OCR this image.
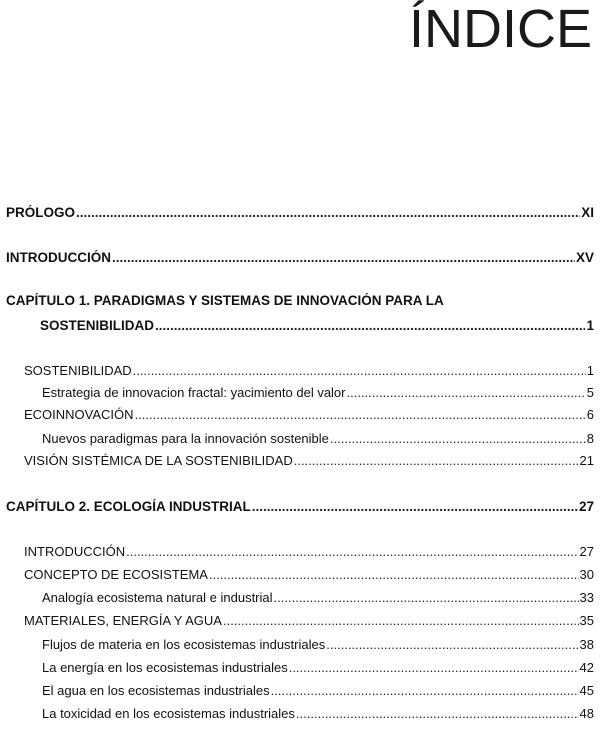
ÍNDICE
PRÓLOGO .....	XI
INTRODUCCIÓN .....	XV
CAPÍTULO 1. PARADIGMAS Y SISTEMAS DE INNOVACIÓN PARA LA
SOSTENIBILIDAD .....	1
SOSTENIBILIDAD .....	1
Estrategia de innovacion fractal: yacimiento del valor .....	5
ECOINNOVACIÓN .....	6
Nuevos paradigmas para la innovación sostenible .....	8
VISIÓN SISTÉMICA DE LA SOSTENIBILIDAD .....	21
CAPÍTULO 2. ECOLOGÍA INDUSTRIAL .....	27
INTRODUCCIÓN .....	27
CONCEPTO DE ECOSISTEMA .....	30
Analogía ecosistema natural e industrial .....	33
MATERIALES, ENERGÍA Y AGUA .....	35
Flujos de materia en los ecosistemas industriales .....	38
La energía en los ecosistemas industriales .....	42
El agua en los ecosistemas industriales .....	45
La toxicidad en los ecosistemas industriales .....	48
